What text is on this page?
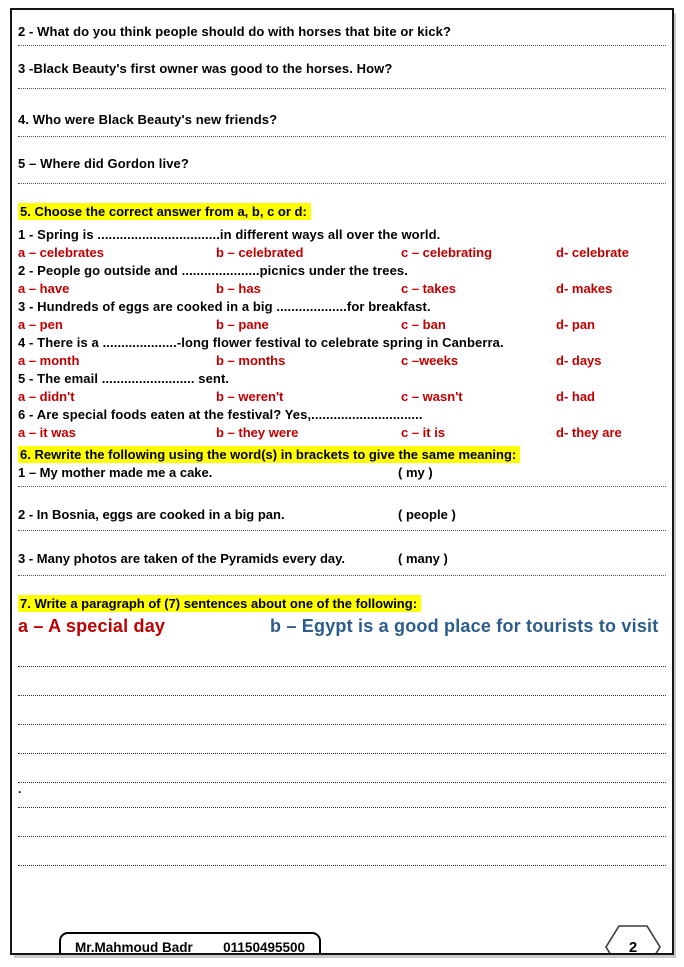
2 - What do you think people should do with horses that bite or kick?
3 -Black Beauty's first owner was good to the horses. How?
4. Who were Black Beauty's new friends?
5 – Where did Gordon live?
5. Choose the correct answer from a, b, c or d:
1 - Spring is .................................in different ways all over the world.
a – celebrates	b – celebrated	c – celebrating	d- celebrate
2 - People go outside and .....................picnics under the trees.
a – have	b – has	c – takes	d- makes
3 - Hundreds of eggs are cooked in a big ...................for breakfast.
a – pen	b – pane	c – ban	d- pan
4 - There is a ....................-long flower festival to celebrate spring in Canberra.
a – month	b – months	c –weeks	d- days
5 - The email ......................... sent.
a – didn't	b – weren't	c – wasn't	d- had
6 - Are special foods eaten at the festival? Yes,..............................
a – it was	b – they were	c – it is	d- they are
6. Rewrite the following using the word(s) in brackets to give the same meaning:
1 – My mother made me a cake.	( my )
2 - In Bosnia, eggs are cooked in a big pan.	( people )
3 - Many photos are taken of the Pyramids every day.	( many )
7. Write a paragraph of (7) sentences about one of the following:
a – A special day	b – Egypt is a good place for tourists to visit
.
Mr.Mahmoud Badr 01150495500	2
